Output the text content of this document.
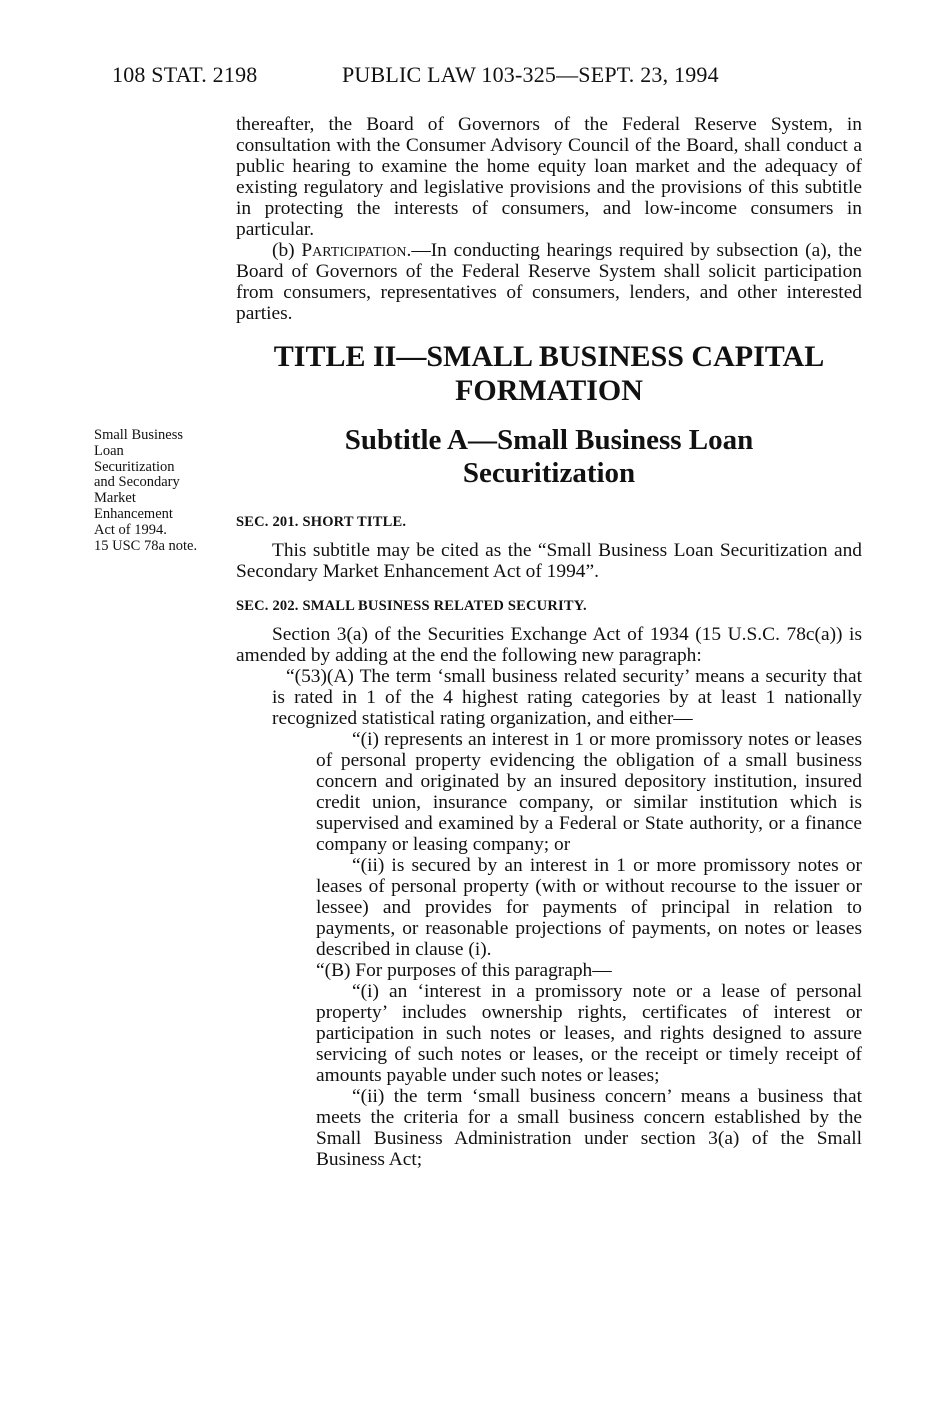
108 STAT. 2198	PUBLIC LAW 103-325—SEPT. 23, 1994

thereafter, the Board of Governors of the Federal Reserve System, in consultation with the Consumer Advisory Council of the Board, shall conduct a public hearing to examine the home equity loan market and the adequacy of existing regulatory and legislative provisions and the provisions of this subtitle in protecting the interests of consumers, and low-income consumers in particular.

(b) Participation.—In conducting hearings required by subsection (a), the Board of Governors of the Federal Reserve System shall solicit participation from consumers, representatives of consumers, lenders, and other interested parties.

TITLE II—SMALL BUSINESS CAPITAL
FORMATION
Subtitle A—Small Business Loan
Securitization
Small Business
Loan
Securitization
and Secondary
Market
Enhancement
Act of 1994.
15 USC 78a note.
SEC. 201. SHORT TITLE.

This subtitle may be cited as the “Small Business Loan Securitization and Secondary Market Enhancement Act of 1994”.

SEC. 202. SMALL BUSINESS RELATED SECURITY.

Section 3(a) of the Securities Exchange Act of 1934 (15 U.S.C. 78c(a)) is amended by adding at the end the following new paragraph:

“(53)(A) The term ‘small business related security’ means a security that is rated in 1 of the 4 highest rating categories by at least 1 nationally recognized statistical rating organization, and either—

“(i) represents an interest in 1 or more promissory notes or leases of personal property evidencing the obligation of a small business concern and originated by an insured depository institution, insured credit union, insurance company, or similar institution which is supervised and examined by a Federal or State authority, or a finance company or leasing company; or

“(ii) is secured by an interest in 1 or more promissory notes or leases of personal property (with or without recourse to the issuer or lessee) and provides for payments of principal in relation to payments, or reasonable projections of payments, on notes or leases described in clause (i).

“(B) For purposes of this paragraph—

“(i) an ‘interest in a promissory note or a lease of personal property’ includes ownership rights, certificates of interest or participation in such notes or leases, and rights designed to assure servicing of such notes or leases, or the receipt or timely receipt of amounts payable under such notes or leases;

“(ii) the term ‘small business concern’ means a business that meets the criteria for a small business concern established by the Small Business Administration under section 3(a) of the Small Business Act;
